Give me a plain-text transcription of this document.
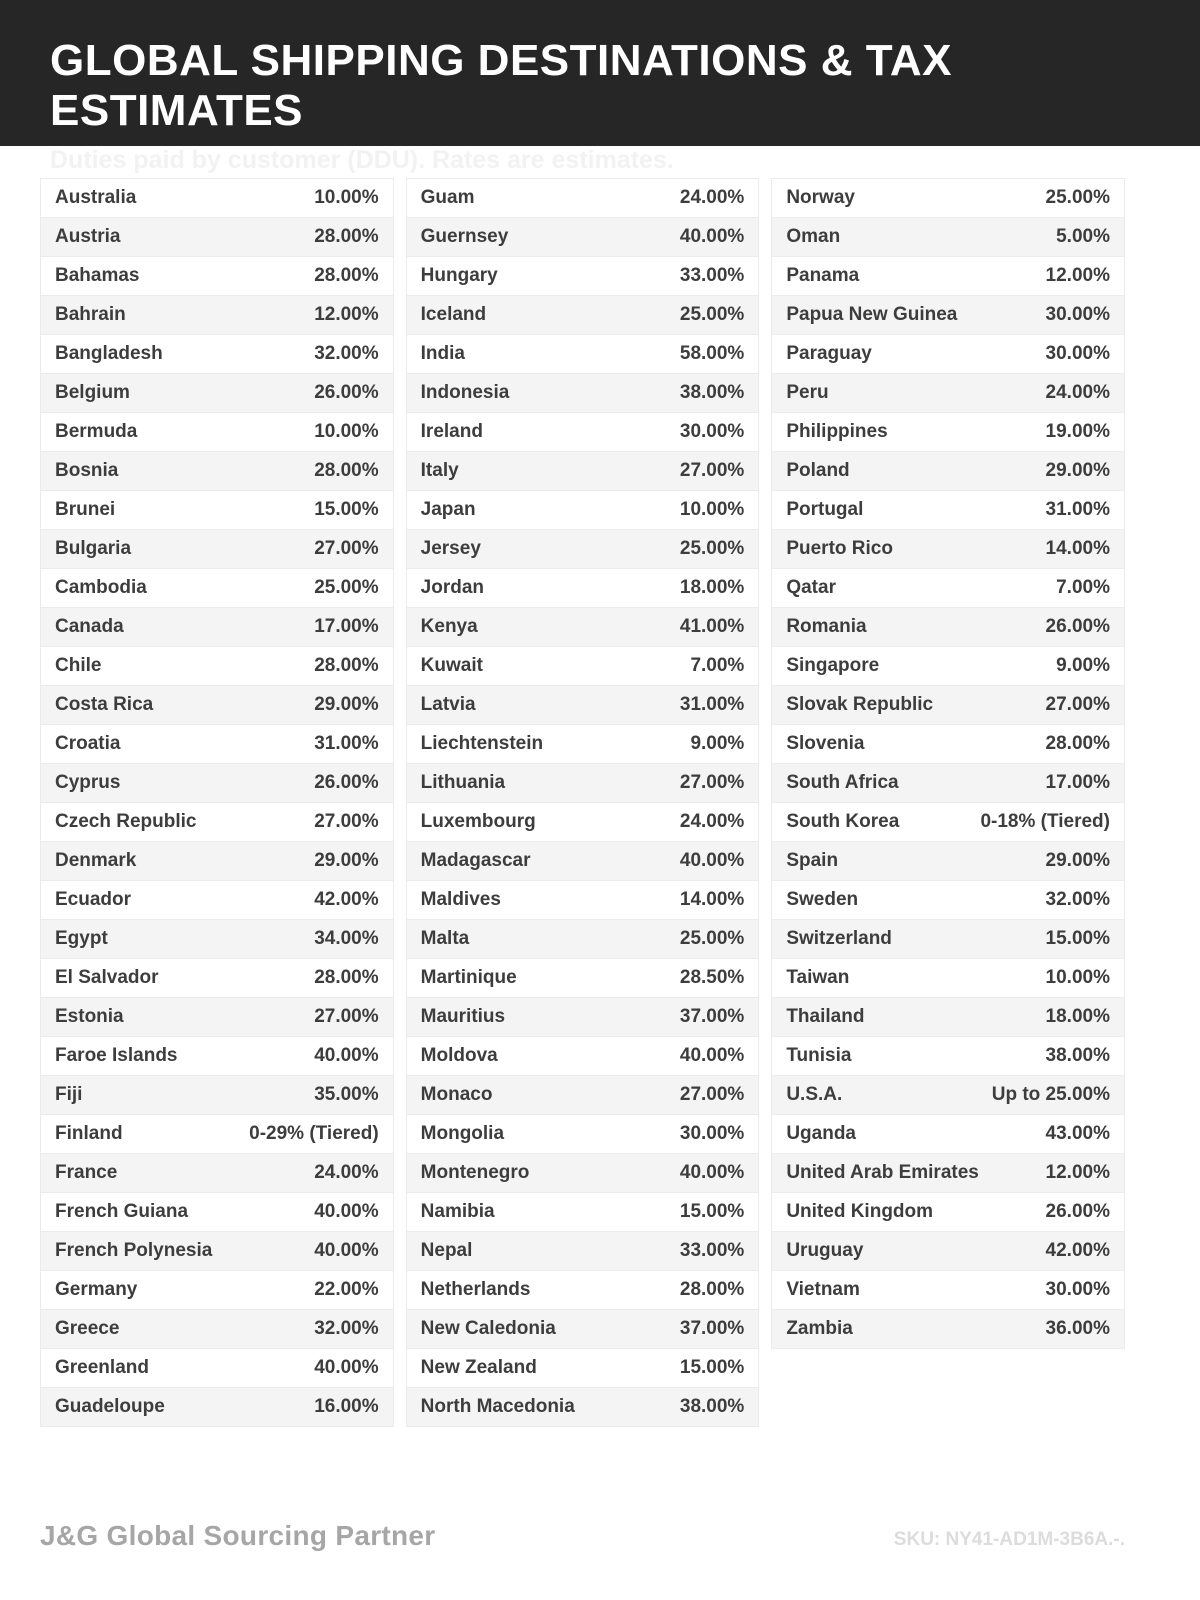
GLOBAL SHIPPING DESTINATIONS & TAX ESTIMATES
Duties paid by customer (DDU). Rates are estimates.
Australia	10.00%
Austria	28.00%
Bahamas	28.00%
Bahrain	12.00%
Bangladesh	32.00%
Belgium	26.00%
Bermuda	10.00%
Bosnia	28.00%
Brunei	15.00%
Bulgaria	27.00%
Cambodia	25.00%
Canada	17.00%
Chile	28.00%
Costa Rica	29.00%
Croatia	31.00%
Cyprus	26.00%
Czech Republic	27.00%
Denmark	29.00%
Ecuador	42.00%
Egypt	34.00%
El Salvador	28.00%
Estonia	27.00%
Faroe Islands	40.00%
Fiji	35.00%
Finland	0-29% (Tiered)
France	24.00%
French Guiana	40.00%
French Polynesia	40.00%
Germany	22.00%
Greece	32.00%
Greenland	40.00%
Guadeloupe	16.00%
Guam	24.00%
Guernsey	40.00%
Hungary	33.00%
Iceland	25.00%
India	58.00%
Indonesia	38.00%
Ireland	30.00%
Italy	27.00%
Japan	10.00%
Jersey	25.00%
Jordan	18.00%
Kenya	41.00%
Kuwait	7.00%
Latvia	31.00%
Liechtenstein	9.00%
Lithuania	27.00%
Luxembourg	24.00%
Madagascar	40.00%
Maldives	14.00%
Malta	25.00%
Martinique	28.50%
Mauritius	37.00%
Moldova	40.00%
Monaco	27.00%
Mongolia	30.00%
Montenegro	40.00%
Namibia	15.00%
Nepal	33.00%
Netherlands	28.00%
New Caledonia	37.00%
New Zealand	15.00%
North Macedonia	38.00%
Norway	25.00%
Oman	5.00%
Panama	12.00%
Papua New Guinea	30.00%
Paraguay	30.00%
Peru	24.00%
Philippines	19.00%
Poland	29.00%
Portugal	31.00%
Puerto Rico	14.00%
Qatar	7.00%
Romania	26.00%
Singapore	9.00%
Slovak Republic	27.00%
Slovenia	28.00%
South Africa	17.00%
South Korea	0-18% (Tiered)
Spain	29.00%
Sweden	32.00%
Switzerland	15.00%
Taiwan	10.00%
Thailand	18.00%
Tunisia	38.00%
U.S.A.	Up to 25.00%
Uganda	43.00%
United Arab Emirates	12.00%
United Kingdom	26.00%
Uruguay	42.00%
Vietnam	30.00%
Zambia	36.00%
J&G Global Sourcing Partner	SKU: NY41-AD1M-3B6A.-.
